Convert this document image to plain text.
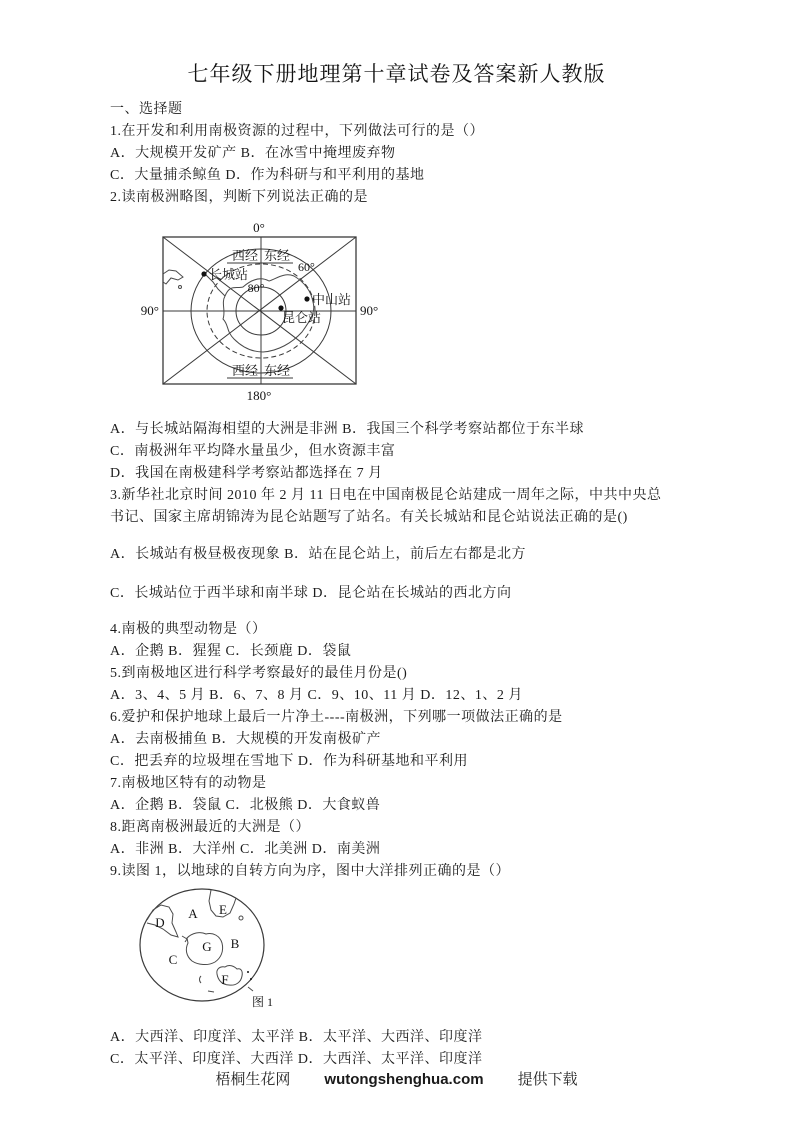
七年级下册地理第十章试卷及答案新人教版
一、选择题
1.在开发和利用南极资源的过程中，下列做法可行的是（）
A．大规模开发矿产 B．在冰雪中掩埋废弃物
C．大量捕杀鲸鱼 D．作为科研与和平利用的基地
2.读南极洲略图，判断下列说法正确的是
0°
180°
90°	90°
西经 东经
西经 东经
60°
80°
长城站
中山站
昆仑站
A．与长城站隔海相望的大洲是非洲 B．我国三个科学考察站都位于东半球
C．南极洲年平均降水量虽少，但水资源丰富
D．我国在南极建科学考察站都选择在 7 月
3.新华社北京时间 2010 年 2 月 11 日电在中国南极昆仑站建成一周年之际，中共中央总
书记、国家主席胡锦涛为昆仑站题写了站名。有关长城站和昆仑站说法正确的是()
A．长城站有极昼极夜现象 B．站在昆仑站上，前后左右都是北方
C．长城站位于西半球和南半球 D．昆仑站在长城站的西北方向
4.南极的典型动物是（）
A．企鹅 B．猩猩 C．长颈鹿 D．袋鼠
5.到南极地区进行科学考察最好的最佳月份是()
A．3、4、5 月 B．6、7、8 月 C．9、10、11 月 D．12、1、2 月
6.爱护和保护地球上最后一片净土----南极洲，下列哪一项做法正确的是
A．去南极捕鱼 B．大规模的开发南极矿产
C．把丢弃的垃圾埋在雪地下 D．作为科研基地和平利用
7.南极地区特有的动物是
A．企鹅 B．袋鼠 C．北极熊 D．大食蚁兽
8.距离南极洲最近的大洲是（）
A．非洲 B．大洋州 C．北美洲 D．南美洲
9.读图 1，以地球的自转方向为序，图中大洋排列正确的是（）
A E
D
B
G
C
F
图 1
A．大西洋、印度洋、太平洋 B．太平洋、大西洋、印度洋
C．太平洋、印度洋、大西洋 D．大西洋、太平洋、印度洋
梧桐生花网 wutongshenghua.com 提供下载
